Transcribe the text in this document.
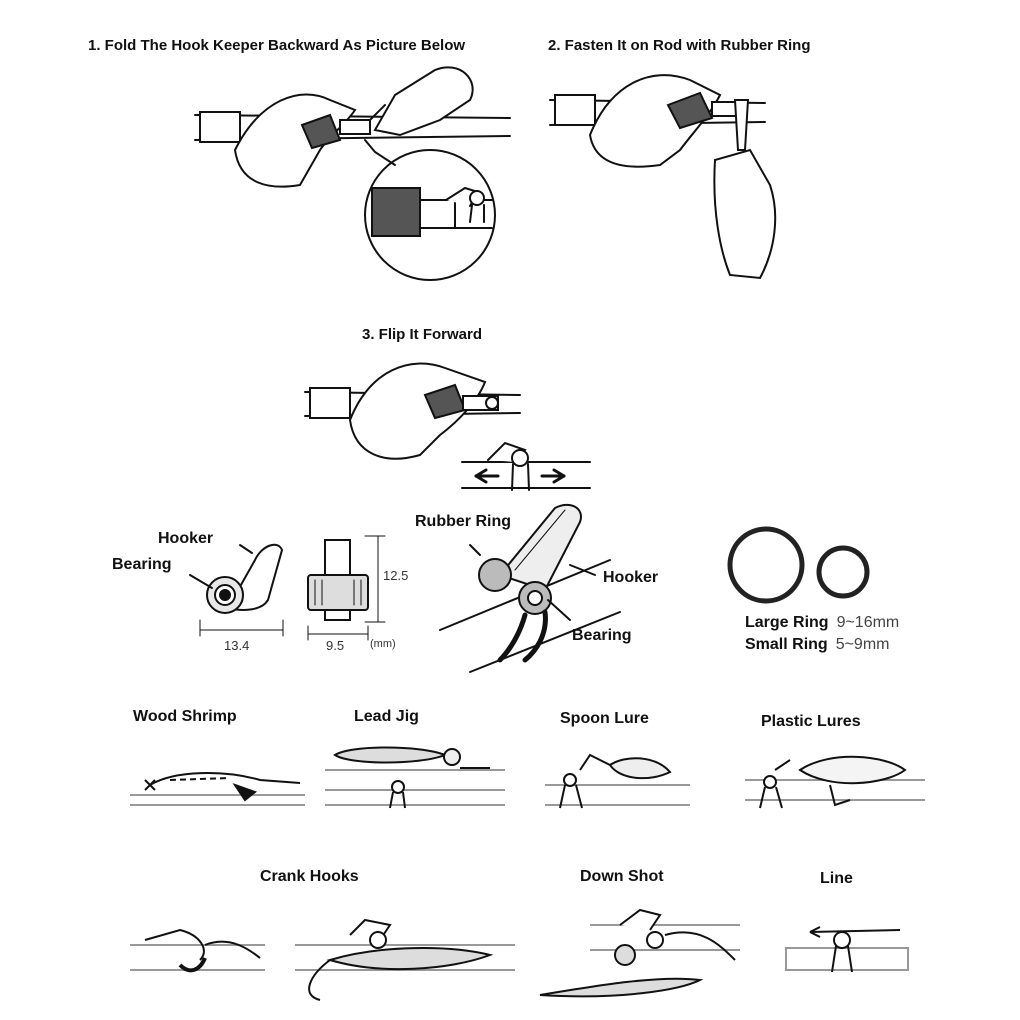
1. Fold The Hook Keeper Backward As Picture Below	2. Fasten It on Rod with Rubber Ring
3. Flip It Forward
Hooker
Bearing
Rubber Ring
Hooker
Bearing
13.4	9.5
12.5
(mm)
Large Ring 9~16mm
Small Ring 5~9mm
Wood Shrimp	Lead Jig	Spoon Lure	Plastic Lures
Crank Hooks	Down Shot	Line
